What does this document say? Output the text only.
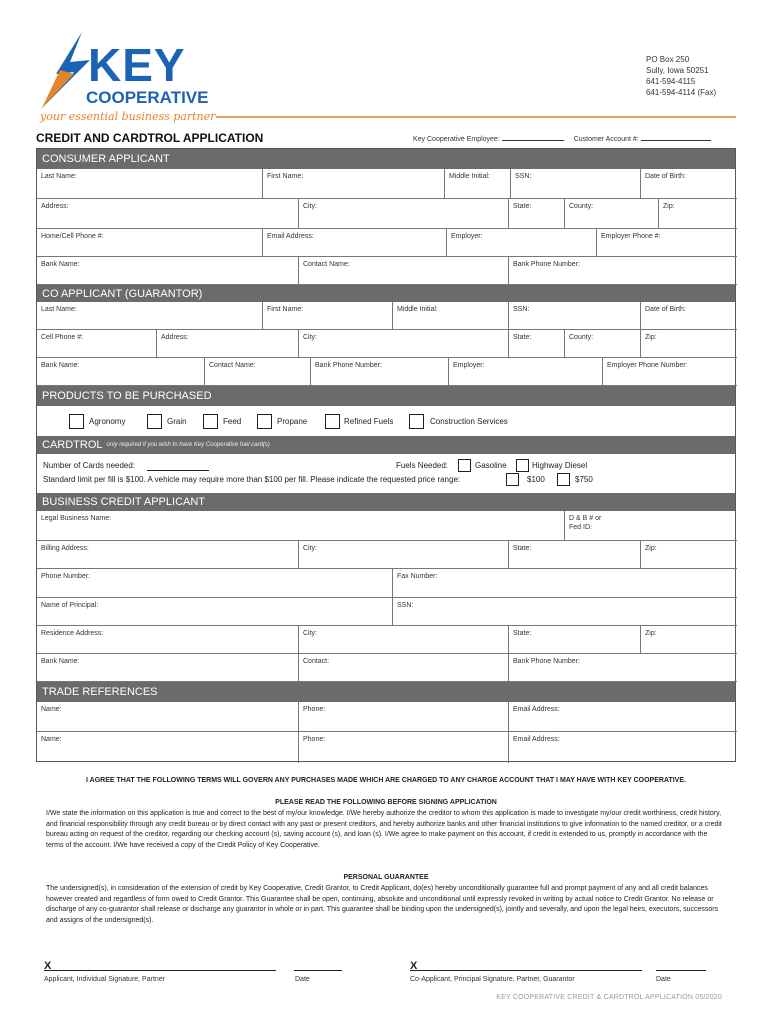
KEY
COOPERATIVE
your essential business partner
PO Box 250
Sully, Iowa 50251
641-594-4115
641-594-4114 (Fax)
CREDIT AND CARDTROL APPLICATION	Key Cooperative Employee:	Customer Account #:
CONSUMER APPLICANT
Last Name:	First Name:	Middle Initial:	SSN:	Date of Birth:
Address:	City:	State:	County:	Zip:
Home/Cell Phone #:	Email Address:	Employer:	Employer Phone #:
Bank Name:	Contact Name:	Bank Phone Number:
CO APPLICANT (GUARANTOR)
Last Name:	First Name:	Middle Initial:	SSN:	Date of Birth:
Cell Phone #:	Address:	City:	State:	County:	Zip:
Bank Name:	Contact Name:	Bank Phone Number:	Employer:	Employer Phone Number:
PRODUCTS TO BE PURCHASED
Agronomy	Grain	Feed	Propane	Refined Fuels	Construction Services
CARDTROL only required if you wish to have Key Cooperative fuel card(s)
Number of Cards needed:	Fuels Needed:	Gasoline	Highway Diesel
Standard limit per fill is $100. A vehicle may require more than $100 per fill. Please indicate the requested price range:	$100	$750
BUSINESS CREDIT APPLICANT
Legal Business Name:	D & B # or Fed ID:
Billing Address:	City:	State:	Zip:
Phone Number:	Fax Number:
Name of Principal:	SSN:
Residence Address:	City:	State:	Zip:
Bank Name:	Contact:	Bank Phone Number:
TRADE REFERENCES
Name:	Phone:	Email Address:
Name:	Phone:	Email Address:
I AGREE THAT THE FOLLOWING TERMS WILL GOVERN ANY PURCHASES MADE WHICH ARE CHARGED TO ANY CHARGE ACCOUNT THAT I MAY HAVE WITH KEY COOPERATIVE.
PLEASE READ THE FOLLOWING BEFORE SIGNING APPLICATION
I/We state the information on this application is true and correct to the best of my/our knowledge. I/We hereby authorize the creditor to whom this application is made to investigate my/our credit worthiness, credit history, and financial responsibility through any credit bureau or by direct contact with any past or present creditors, and hereby authorize banks and other financial institutions to give information to the named creditor, or a credit bureau acting on request of the creditor, regarding our checking account (s), saving account (s), and loan (s). I/We agree to make payment on this account, if credit is extended to us, promptly in accordance with the terms of the account. I/We have received a copy of the Credit Policy of Key Cooperative.
PERSONAL GUARANTEE
The undersigned(s), in consideration of the extension of credit by Key Cooperative, Credit Grantor, to Credit Applicant, do(es) hereby unconditionally guarantee full and prompt payment of any and all credit balances however created and regardless of form owed to Credit Grantor. This Guarantee shall be open, continuing, absolute and unconditional until expressly revoked in writing by actual notice to Credit Grantor. No release or discharge of any co-guarantor shall release or discharge any guarantor in whole or in part. This guarantee shall be binding upon the undersigned(s), jointly and severally, and upon the legal heirs, executors, successors and assigns of the undersigned(s).
X
Applicant, Individual Signature, Partner	Date
X
Co-Applicant, Principal Signature, Partner, Guarantor	Date
KEY COOPERATIVE CREDIT & CARDTROL APPLICATION 05/2020
